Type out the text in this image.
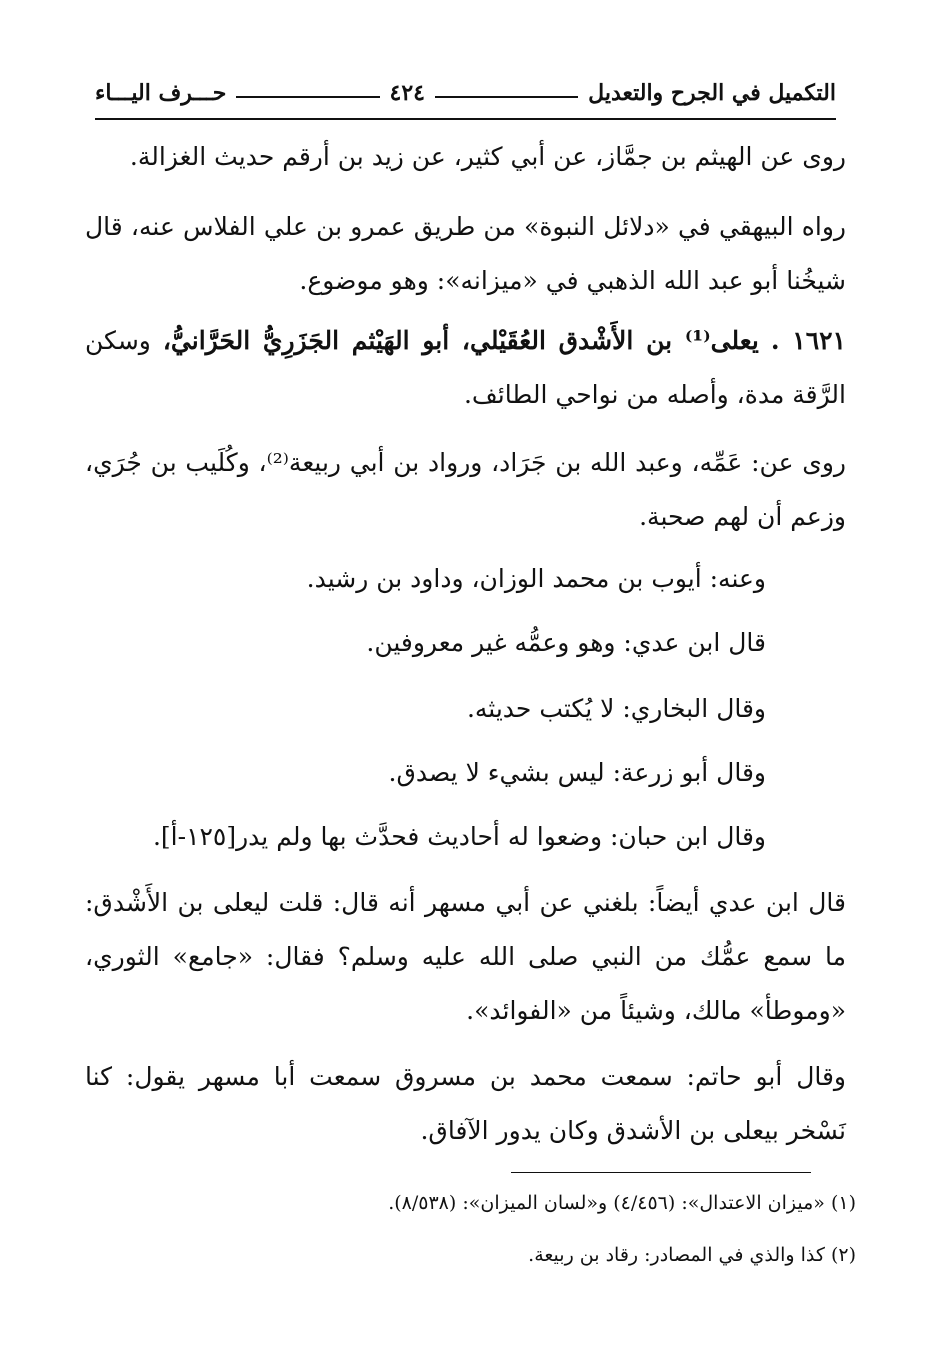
التكميل في الجرح والتعديل
٤٢٤
حـــرف اليـــاء

روى عن الهيثم بن جمَّاز، عن أبي كثير، عن زيد بن أرقم حديث الغزالة.

رواه البيهقي في «دلائل النبوة» من طريق عمرو بن علي الفلاس عنه، قال شيخُنا أبو عبد الله الذهبي في «ميزانه»: وهو موضوع.

١٦٢١ . يعلى⁽¹⁾ بن الأَشْدق العُقَيْلي، أبو الهَيْثم الجَزَرِيُّ الحَرَّانيُّ، وسكن الرَّقة مدة، وأصله من نواحي الطائف.

روى عن: عَمِّه، وعبد الله بن جَرَاد، ورواد بن أبي ربيعة⁽²⁾، وكُلَيب بن جُرَي، وزعم أن لهم صحبة.

وعنه: أيوب بن محمد الوزان، وداود بن رشيد.

قال ابن عدي: وهو وعمُّه غير معروفين.

وقال البخاري: لا يُكتب حديثه.

وقال أبو زرعة: ليس بشيء لا يصدق.

وقال ابن حبان: وضعوا له أحاديث فحدَّث بها ولم يدر[١٢٥-أ].

قال ابن عدي أيضاً: بلغني عن أبي مسهر أنه قال: قلت ليعلى بن الأَشْدق: ما سمع عمُّك من النبي صلى الله عليه وسلم؟ فقال: «جامع» الثوري، «وموطأ» مالك، وشيئاً من «الفوائد».

وقال أبو حاتم: سمعت محمد بن مسروق سمعت أبا مسهر يقول: كنا نَسْخر بيعلى بن الأشدق وكان يدور الآفاق.

(١) «ميزان الاعتدال»: (٤/٤٥٦) و«لسان الميزان»: (٨/٥٣٨).

(٢) كذا والذي في المصادر: رقاد بن ربيعة.
